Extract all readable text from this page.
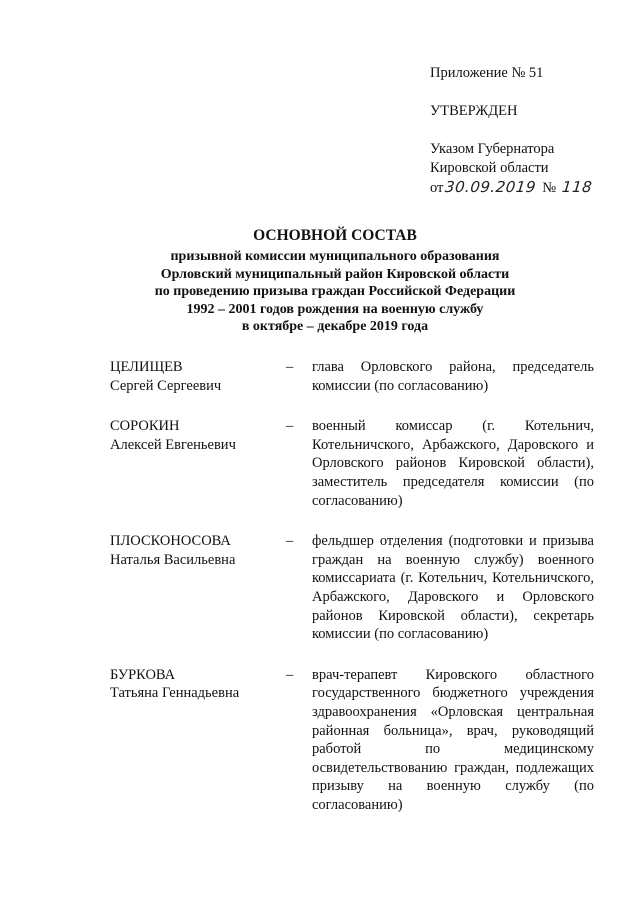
Приложение № 51
УТВЕРЖДЕН
Указом Губернатора
Кировской области
от 30.09.2019 № 118
ОСНОВНОЙ СОСТАВ
призывной комиссии муниципального образования
Орловский муниципальный район Кировской области
по проведению призыва граждан Российской Федерации
1992 – 2001 годов рождения на военную службу
в октябре – декабре 2019 года
ЦЕЛИЩЕВ
Сергей Сергеевич
–	глава Орловского района, председатель комиссии (по согласованию)
СОРОКИН
Алексей Евгеньевич
–	военный комиссар (г. Котельнич, Котельничского, Арбажского, Даровского и Орловского районов Кировской области), заместитель председателя комиссии (по согласованию)
ПЛОСКОНОСОВА
Наталья Васильевна
–	фельдшер отделения (подготовки и призыва граждан на военную службу) военного комиссариата (г. Котельнич, Котельничского, Арбажского, Даровского и Орловского районов Кировской области), секретарь комиссии (по согласованию)
БУРКОВА
Татьяна Геннадьевна
–	врач-терапевт Кировского областного государственного бюджетного учреждения здравоохранения «Орловская центральная районная больница», врач, руководящий работой по медицинскому освидетельствованию граждан, подлежащих призыву на военную службу (по согласованию)
